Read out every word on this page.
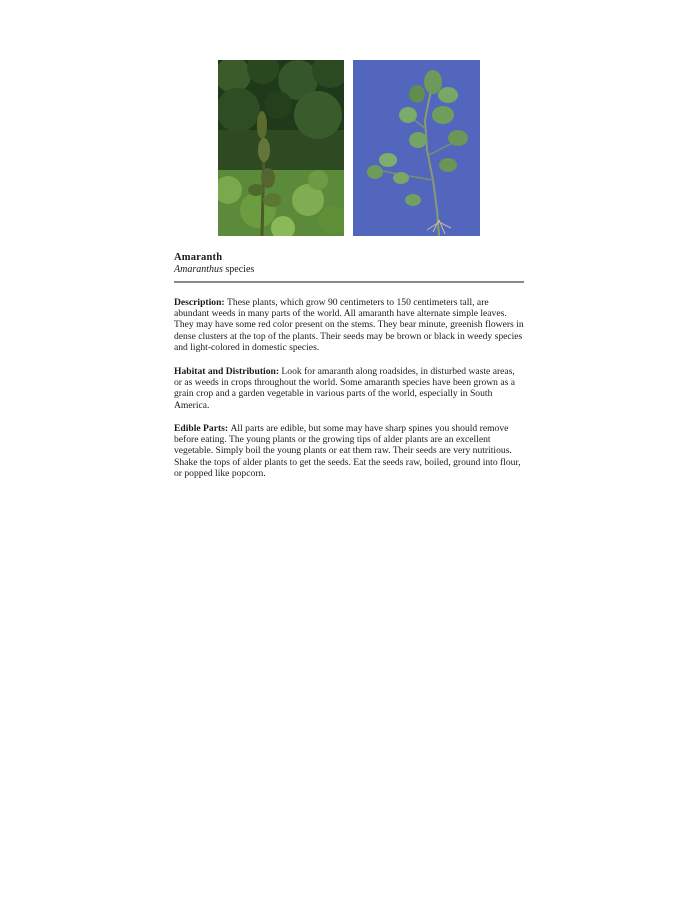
Amaranth
Amaranthus species
Description: These plants, which grow 90 centimeters to 150 centimeters tall, are abundant weeds in many parts of the world. All amaranth have alternate simple leaves. They may have some red color present on the stems. They bear minute, greenish flowers in dense clusters at the top of the plants. Their seeds may be brown or black in weedy species and light-colored in domestic species.
Habitat and Distribution: Look for amaranth along roadsides, in disturbed waste areas, or as weeds in crops throughout the world. Some amaranth species have been grown as a grain crop and a garden vegetable in various parts of the world, especially in South America.
Edible Parts: All parts are edible, but some may have sharp spines you should remove before eating. The young plants or the growing tips of alder plants are an excellent vegetable. Simply boil the young plants or eat them raw. Their seeds are very nutritious. Shake the tops of alder plants to get the seeds. Eat the seeds raw, boiled, ground into flour, or popped like popcorn.
